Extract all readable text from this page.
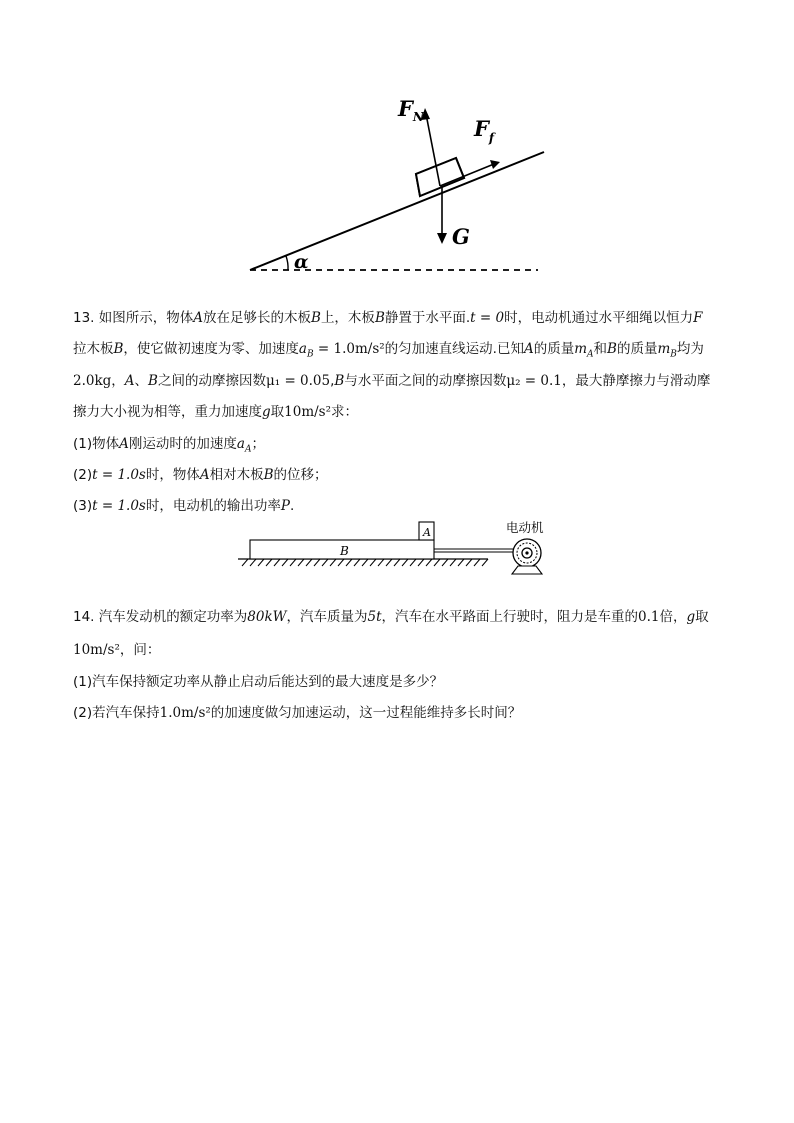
$F_N$ $F_f$
G
α
13. 如图所示，物体A放在足够长的木板B上，木板B静置于水平面.t = 0时，电动机通过水平细绳以恒力F
拉木板B，使它做初速度为零、加速度$a_B = 1.0m/s^2$的匀加速直线运动.已知A的质量$m_A$和B的质量$m_B$均为
2.0kg，A、B之间的动摩擦因数μ₁ = 0.05,B与水平面之间的动摩擦因数μ₂ = 0.1，最大静摩擦力与滑动摩
擦力大小视为相等，重力加速度g取10m/s²求：
(1)物体A刚运动时的加速度$a_A$；
(2)t = 1.0s时，物体A相对木板B的位移；
(3)t = 1.0s时，电动机的输出功率P.
B
A	电动机
14. 汽车发动机的额定功率为80kW，汽车质量为5t，汽车在水平路面上行驶时，阻力是车重的0.1倍，g取
10m/s²，问：
(1)汽车保持额定功率从静止启动后能达到的最大速度是多少？
(2)若汽车保持1.0m/s²的加速度做匀加速运动，这一过程能维持多长时间？
